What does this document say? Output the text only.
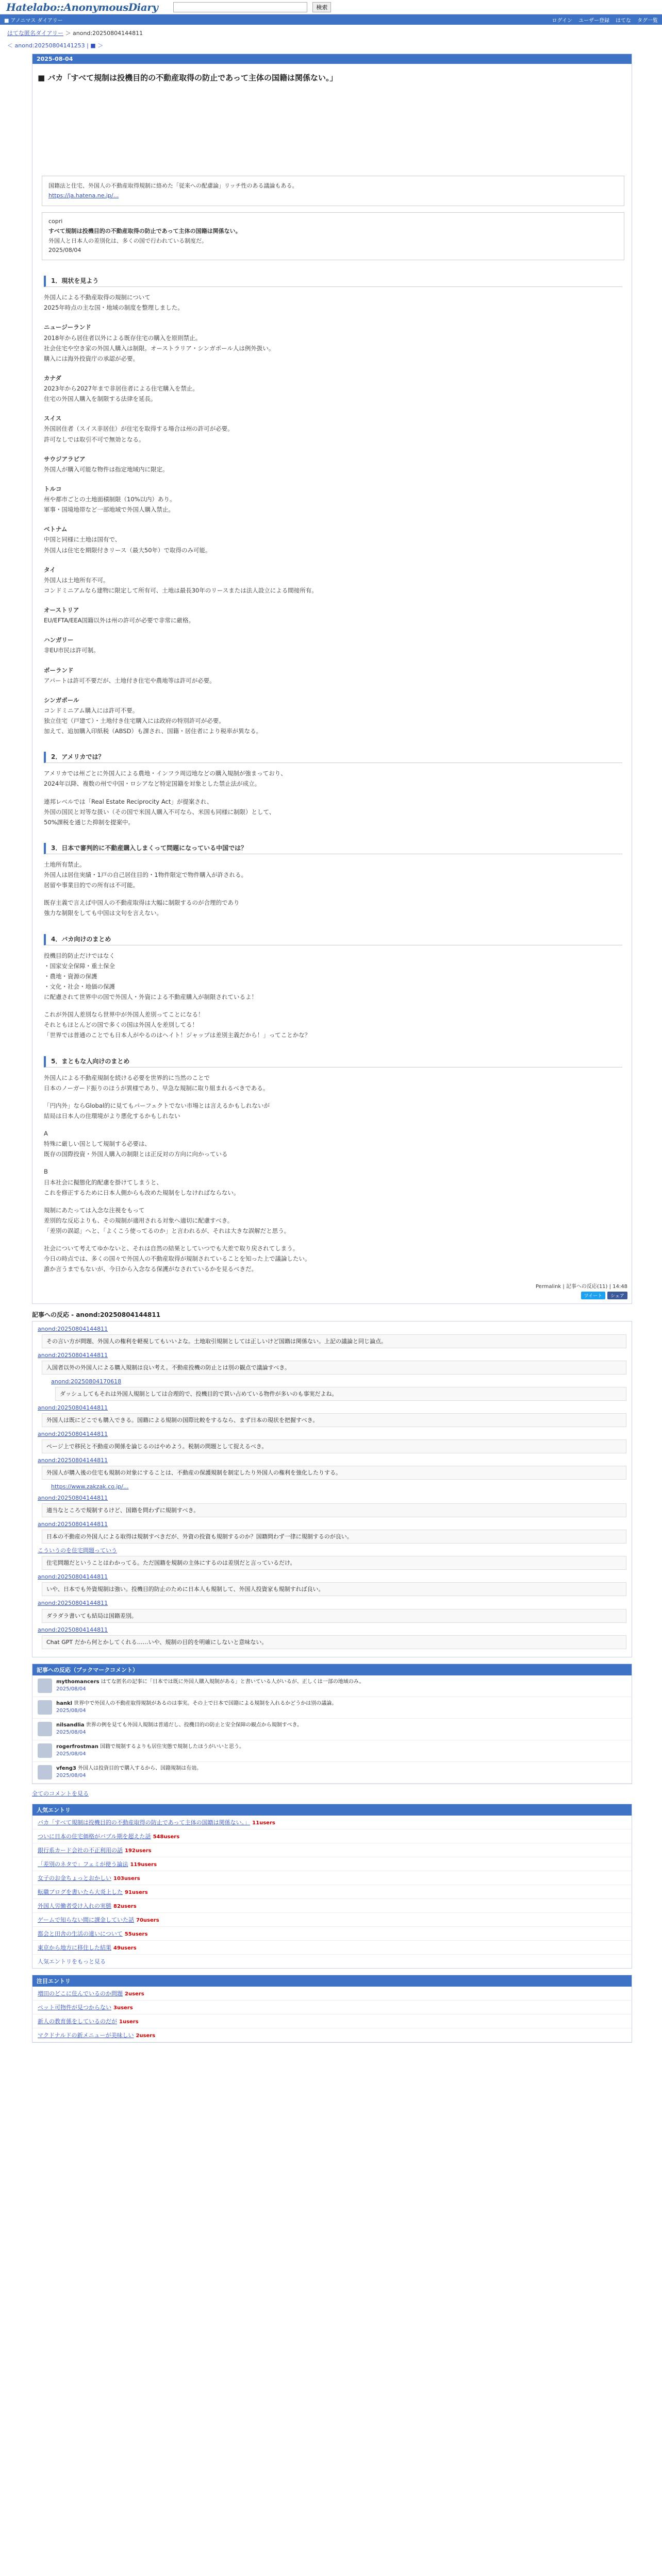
Hatelabo::AnonymousDiary	検索
■ アノニマス ダイアリー	ログイン ユーザー登録 はてな タグ一覧
はてな匿名ダイアリー ＞ anond:20250804144811
＜ anond:20250804141253 | ■ ＞
2025-08-04
■ バカ「すべて規制は投機目的の不動産取得の防止であって主体の国籍は関係ない。」
国籍法と住宅、外国人の不動産取得規制に絡めた「従来への配慮論」リッチ性のある議論もある。
https://ja.hatena.ne.jp/...
copri
すべて規制は投機目的の不動産取得の防止であって主体の国籍は関係ない。
外国人と日本人の差別化は、多くの国で行われている制度だ。
2025/08/04
1．現状を見よう
外国人による不動産取得の規制について
2025年時点の主な国・地域の制度を整理しました。
ニュージーランド
2018年から居住者以外による既存住宅の購入を原則禁止。
社会住宅や空き家の外国人購入は制限。オーストラリア・シンガポール人は例外扱い。
購入には海外投資庁の承認が必要。
カナダ
2023年から2027年まで非居住者による住宅購入を禁止。
住宅の外国人購入を制限する法律を延長。
スイス
外国居住者（スイス非居住）が住宅を取得する場合は州の許可が必要。
許可なしでは取引不可で無効となる。
サウジアラビア
外国人が購入可能な物件は指定地域内に限定。
トルコ
州や都市ごとの土地面積制限（10%以内）あり。
軍事・国境地帯など一部地域で外国人購入禁止。
ベトナム
中国と同様に土地は国有で、
外国人は住宅を期限付きリース（最大50年）で取得のみ可能。
タイ
外国人は土地所有不可。
コンドミニアムなら建物に限定して所有可、土地は最長30年のリースまたは法人設立による間接所有。
オーストリア
EU/EFTA/EEA国籍以外は州の許可が必要で非常に厳格。
ハンガリー
非EU市民は許可制。
ポーランド
アパートは許可不要だが、土地付き住宅や農地等は許可が必要。
シンガポール
コンドミニアム購入には許可不要。
独立住宅（戸建て）・土地付き住宅購入には政府の特別許可が必要。
加えて、追加購入印紙税（ABSD）も課され、国籍・居住者により税率が異なる。
2．アメリカでは？
アメリカでは州ごとに外国人による農地・インフラ周辺地などの購入規制が強まっており、
2024年以降、複数の州で中国・ロシアなど特定国籍を対象とした禁止法が成立。
連邦レベルでは「Real Estate Reciprocity Act」が提案され、
外国の国民と対等な扱い（その国で米国人購入不可なら、米国も同様に制限）として、
50%課税を通じた抑制を提案中。
3．日本で審判的に不動産購入しまくって問題になっている中国では？
土地所有禁止。
外国人は居住実績・1戸の自己居住目的・1物件限定で物件購入が許される。
居留や事業目的での所有は不可能。
既存主義で言えば中国人の不動産取得は大幅に制限するのが合理的であり
強力な制限をしても中国は文句を言えない。
4．バカ向けのまとめ
投機目的防止だけではなく
・国家安全保障・重土保全
・農地・資源の保護
・文化・社会・地価の保護
に配慮されて世界中の国で外国人・外資による不動産購入が制限されているよ！
これが外国人差別なら世界中が外国人差別ってことになる！
それともほとんどの国で多くの国は外国人を差別してる！
「世界では普通のことでも日本人がやるのはヘイト！ジャップは差別主義だから！」ってことかな？
5．まともな人向けのまとめ
外国人による不動産規制を続ける必要を世界的に当然のことで
日本のノーガード振りのほうが異様であり、早急な規制に取り組まれるべきである。
「円内外」ならGlobal的に見てもパーフェクトでない市場とは言えるかもしれないが
結局は日本人の住環境がより悪化するかもしれない
A
特殊に厳しい国として規制する必要は、
既存の国際投資・外国人購入の制限とは正反対の方向に向かっている
B
日本社会に擬態化的配慮を掛けてしまうと、
これを修正するために日本人側からも改めた規制をしなければならない。
規制にあたっては入念な注視をもって
差別的な反応よりも、その規制が適用される対象へ適切に配慮すべき。
「差別の誤認」へと、「よくこう使ってるのか」と言われるが、それは大きな誤解だと思う。
社会について考えてゆかないと、それは自然の結果としていつでも大差で取り戻されてしまう。
今日の時点では、多くの国々で外国人の不動産取得が規制されていることを知った上で議論したい。
誰か言うまでもないが、今日から入念なる保護がなされているかを見るべきだ。
Permalink | 記事への反応(11) | 14:48
ツイート	シェア
記事への反応 - anond:20250804144811
anond:20250804144811
その言い方が問題、外国人の権利を軽視してもいいよな。土地取引規制としては正しいけど国籍は関係ない。上記の議論と同じ論点。
anond:20250804144811
入国者以外の外国人による購入規制は良い考え。不動産投機の防止とは別の観点で議論すべき。
anond:20250804170618
ダッシュしてもそれは外国人規制としては合理的で、投機目的で買い占めている物件が多いのも事実だよね。
anond:20250804144811
外国人は既にどこでも購入できる。国籍による規制の国際比較をするなら、まず日本の現状を把握すべき。
anond:20250804144811
ページ上で移民と不動産の関係を論じるのはやめよう。税制の問題として捉えるべき。
anond:20250804144811
外国人が購入後の住宅も規制の対象にすることは、不動産の保護規制を制定したり外国人の権利を強化したりする。
https://www.zakzak.co.jp/...
anond:20250804144811
適当なところで規制するけど、国籍を問わずに規制すべき。
anond:20250804144811
日本の不動産の外国人による取得は規制すべきだが、外資の投資も規制するのか？国籍問わず一律に規制するのが良い。
こういうのを住宅問題っていう
住宅問題だということはわかってる。ただ国籍を規制の主体にするのは差別だと言っているだけ。
anond:20250804144811
いや、日本でも外資規制は強い。投機目的防止のために日本人も規制して、外国人投資家も規制すれば良い。
anond:20250804144811
ダラダラ書いても結局は国籍差別。
anond:20250804144811
Chat GPT だから何とかしてくれる……いや、規制の目的を明確にしないと意味ない。
記事への反応（ブックマークコメント）
mythomancers はてな匿名の記事に「日本では既に外国人購入規制がある」と書いている人がいるが、正しくは一部の地域のみ。
2025/08/04
hankl 世界中で外国人の不動産取得規制があるのは事実。その上で日本で国籍による規制を入れるかどうかは別の議論。
2025/08/04
nilsandlia 世界の例を見ても外国人規制は普通だし、投機目的の防止と安全保障の観点から規制すべき。
2025/08/04
rogerfrostman 国籍で規制するよりも居住実態で規制したほうがいいと思う。
2025/08/04
vfeng3 外国人は投資目的で購入するから、国籍規制は有効。
2025/08/04
全てのコメントを見る
人気エントリ
バカ「すべて規制は投機目的の不動産取得の防止であって主体の国籍は関係ない。」 11users
ついに日本の住宅価格がバブル期を超えた話 548users
銀行系カード会社の不正利用の話 192users
「差別のネタで」フェミが使う論法 119users
女子のお金ちょっとおかしい 103users
転職ブログを書いたら大炎上した 91users
外国人労働者受け入れの実態 82users
ゲームで知らない間に課金していた話 70users
都会と田舎の生活の違いについて 55users
東京から地方に移住した結果 49users
人気エントリをもっと見る
注目エントリ
増田のどこに住んでいるのか問題 2users
ペット可物件が見つからない 3users
新人の教育係をしているのだが 1users
マクドナルドの新メニューが美味しい 2users
